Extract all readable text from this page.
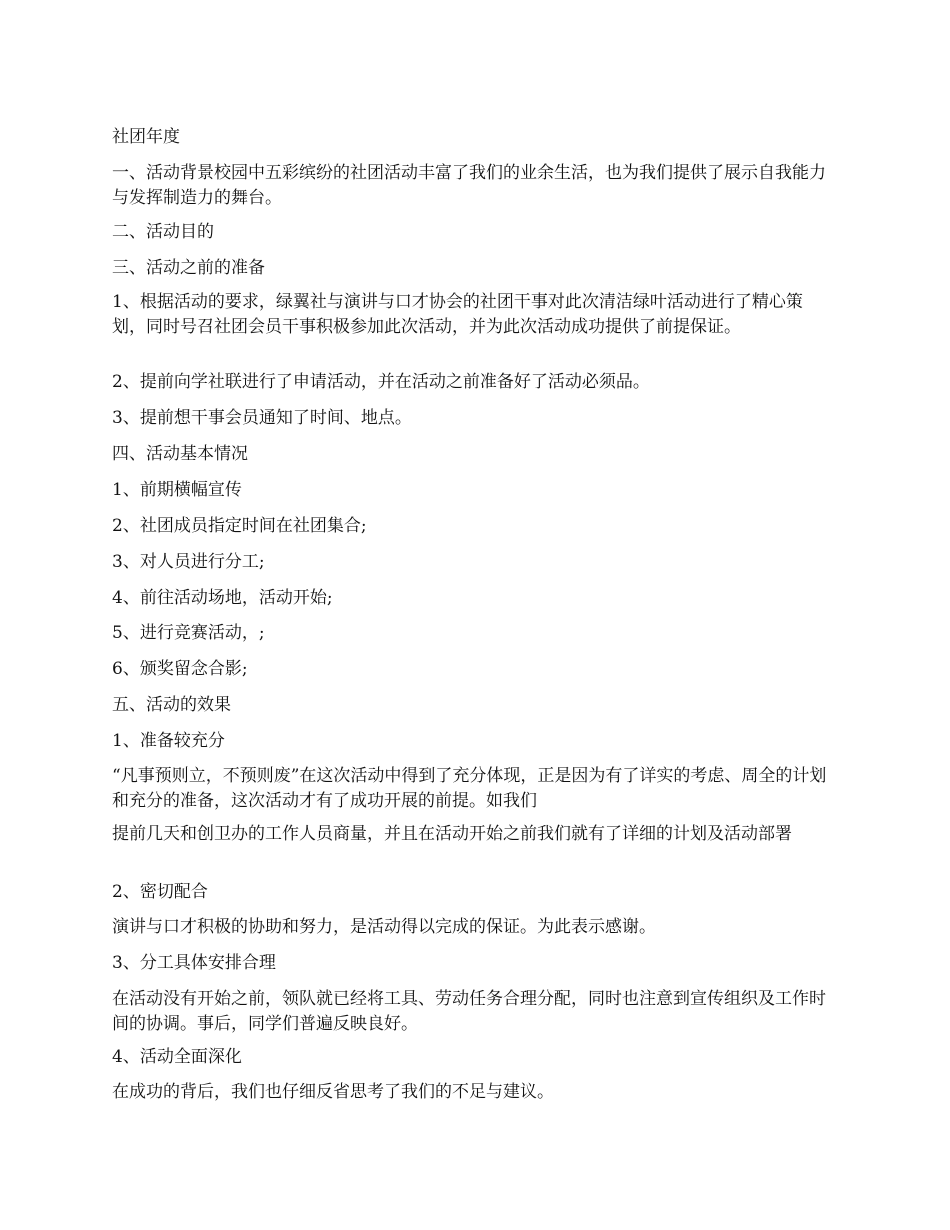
社团年度

一、活动背景校园中五彩缤纷的社团活动丰富了我们的业余生活，也为我们提供了展示自我能力与发挥制造力的舞台。

二、活动目的

三、活动之前的准备

1、根据活动的要求，绿翼社与演讲与口才协会的社团干事对此次清洁绿叶活动进行了精心策划，同时号召社团会员干事积极参加此次活动，并为此次活动成功提供了前提保证。

2、提前向学社联进行了申请活动，并在活动之前准备好了活动必须品。

3、提前想干事会员通知了时间、地点。

四、活动基本情况

1、前期横幅宣传

2、社团成员指定时间在社团集合;

3、对人员进行分工;

4、前往活动场地，活动开始;

5、进行竞赛活动，;

6、颁奖留念合影;

五、活动的效果

1、准备较充分

“凡事预则立，不预则废”在这次活动中得到了充分体现，正是因为有了详实的考虑、周全的计划和充分的准备，这次活动才有了成功开展的前提。如我们

提前几天和创卫办的工作人员商量，并且在活动开始之前我们就有了详细的计划及活动部署

2、密切配合

演讲与口才积极的协助和努力，是活动得以完成的保证。为此表示感谢。

3、分工具体安排合理

在活动没有开始之前，领队就已经将工具、劳动任务合理分配，同时也注意到宣传组织及工作时间的协调。事后，同学们普遍反映良好。

4、活动全面深化

在成功的背后，我们也仔细反省思考了我们的不足与建议。
